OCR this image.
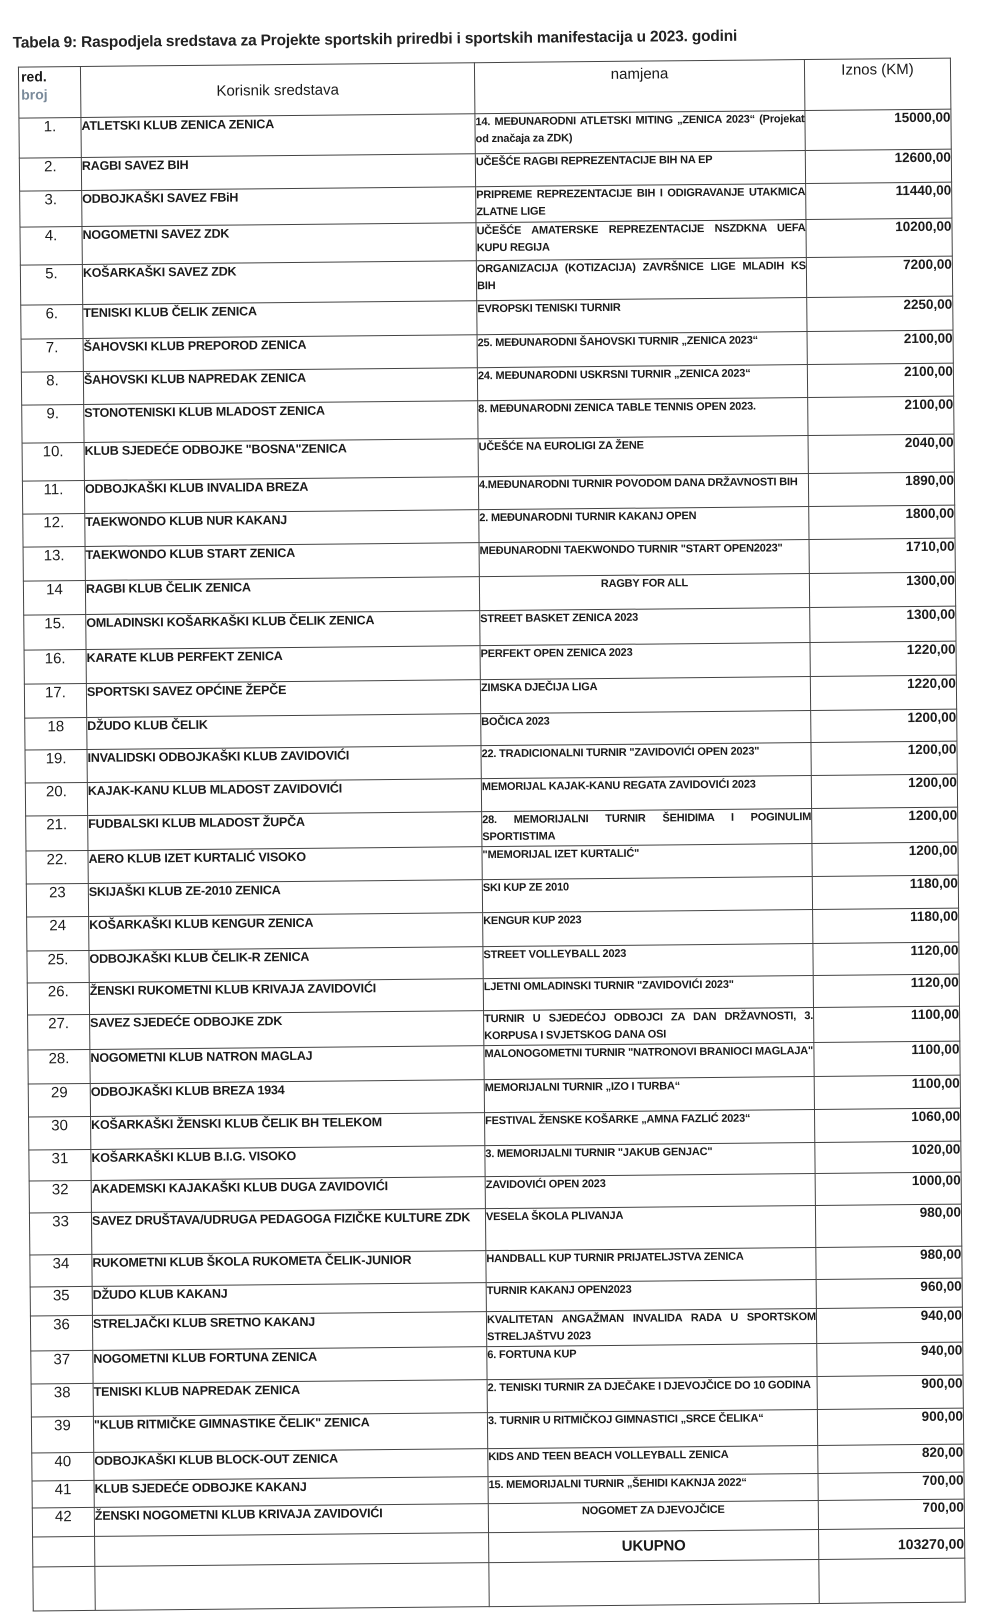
Tabela 9: Raspodjela sredstava za Projekte sportskih priredbi i sportskih manifestacija u 2023. godini
red.
broj	Korisnik sredstava	namjena	Iznos (KM)
1.	ATLETSKI KLUB ZENICA ZENICA	14. MEĐUNARODNI ATLETSKI MITING „ZENICA 2023“ (Projekat od značaja za ZDK)	15000,00
2.	RAGBI SAVEZ BIH	UČEŠĆE RAGBI REPREZENTACIJE BIH NA EP	12600,00
3.	ODBOJKAŠKI SAVEZ FBiH	PRIPREME REPREZENTACIJE BIH I ODIGRAVANJE UTAKMICA ZLATNE LIGE	11440,00
4.	NOGOMETNI SAVEZ ZDK	UČEŠĆE AMATERSKE REPREZENTACIJE NSZDKNA UEFA KUPU REGIJA	10200,00
5.	KOŠARKAŠKI SAVEZ ZDK	ORGANIZACIJA (KOTIZACIJA) ZAVRŠNICE LIGE MLADIH KS BIH	7200,00
6.	TENISKI KLUB ČELIK ZENICA	EVROPSKI TENISKI TURNIR	2250,00
7.	ŠAHOVSKI KLUB PREPOROD ZENICA	25. MEĐUNARODNI ŠAHOVSKI TURNIR „ZENICA 2023“	2100,00
8.	ŠAHOVSKI KLUB NAPREDAK ZENICA	24. MEĐUNARODNI USKRSNI TURNIR „ZENICA 2023“	2100,00
9.	STONOTENISKI KLUB MLADOST ZENICA	8. MEĐUNARODNI ZENICA TABLE TENNIS OPEN 2023.	2100,00
10.	KLUB SJEDEĆE ODBOJKE "BOSNA"ZENICA	UČEŠĆE NA EUROLIGI ZA ŽENE	2040,00
11.	ODBOJKAŠKI KLUB INVALIDA BREZA	4.MEĐUNARODNI TURNIR POVODOM DANA DRŽAVNOSTI BIH	1890,00
12.	TAEKWONDO KLUB NUR KAKANJ	2. MEĐUNARODNI TURNIR KAKANJ OPEN	1800,00
13.	TAEKWONDO KLUB START ZENICA	MEĐUNARODNI TAEKWONDO TURNIR "START OPEN2023"	1710,00
14	RAGBI KLUB ČELIK ZENICA	RAGBY FOR ALL	1300,00
15.	OMLADINSKI KOŠARKAŠKI KLUB ČELIK ZENICA	STREET BASKET ZENICA 2023	1300,00
16.	KARATE KLUB PERFEKT ZENICA	PERFEKT OPEN ZENICA 2023	1220,00
17.	SPORTSKI SAVEZ OPĆINE ŽEPČE	ZIMSKA DJEČIJA LIGA	1220,00
18	DŽUDO KLUB ČELIK	BOČICA 2023	1200,00
19.	INVALIDSKI ODBOJKAŠKI KLUB ZAVIDOVIĆI	22. TRADICIONALNI TURNIR "ZAVIDOVIĆI OPEN 2023"	1200,00
20.	KAJAK-KANU KLUB MLADOST ZAVIDOVIĆI	MEMORIJAL KAJAK-KANU REGATA ZAVIDOVIĆI 2023	1200,00
21.	FUDBALSKI KLUB MLADOST ŽUPČA	28. MEMORIJALNI TURNIR ŠEHIDIMA I POGINULIM SPORTISTIMA	1200,00
22.	AERO KLUB IZET KURTALIĆ VISOKO	"MEMORIJAL IZET KURTALIĆ"	1200,00
23	SKIJAŠKI KLUB ZE-2010 ZENICA	SKI KUP ZE 2010	1180,00
24	KOŠARKAŠKI KLUB KENGUR ZENICA	KENGUR KUP 2023	1180,00
25.	ODBOJKAŠKI KLUB ČELIK-R ZENICA	STREET VOLLEYBALL 2023	1120,00
26.	ŽENSKI RUKOMETNI KLUB KRIVAJA ZAVIDOVIĆI	LJETNI OMLADINSKI TURNIR "ZAVIDOVIĆI 2023"	1120,00
27.	SAVEZ SJEDEĆE ODBOJKE ZDK	TURNIR U SJEDEĆOJ ODBOJCI ZA DAN DRŽAVNOSTI, 3. KORPUSA I SVJETSKOG DANA OSI	1100,00
28.	NOGOMETNI KLUB NATRON MAGLAJ	MALONOGOMETNI TURNIR "NATRONOVI BRANIOCI MAGLAJA"	1100,00
29	ODBOJKAŠKI KLUB BREZA 1934	MEMORIJALNI TURNIR „IZO I TURBA“	1100,00
30	KOŠARKAŠKI ŽENSKI KLUB ČELIK BH TELEKOM	FESTIVAL ŽENSKE KOŠARKE „AMNA FAZLIĆ 2023“	1060,00
31	KOŠARKAŠKI KLUB B.I.G. VISOKO	3. MEMORIJALNI TURNIR "JAKUB GENJAC"	1020,00
32	AKADEMSKI KAJAKAŠKI KLUB DUGA ZAVIDOVIĆI	ZAVIDOVIĆI OPEN 2023	1000,00
33	SAVEZ DRUŠTAVA/UDRUGA PEDAGOGA FIZIČKE KULTURE ZDK	VESELA ŠKOLA PLIVANJA	980,00
34	RUKOMETNI KLUB ŠKOLA RUKOMETA ČELIK-JUNIOR	HANDBALL KUP TURNIR PRIJATELJSTVA ZENICA	980,00
35	DŽUDO KLUB KAKANJ	TURNIR KAKANJ OPEN2023	960,00
36	STRELJAČKI KLUB SRETNO KAKANJ	KVALITETAN ANGAŽMAN INVALIDA RADA U SPORTSKOM STRELJAŠTVU 2023	940,00
37	NOGOMETNI KLUB FORTUNA ZENICA	6. FORTUNA KUP	940,00
38	TENISKI KLUB NAPREDAK ZENICA	2. TENISKI TURNIR ZA DJEČAKE I DJEVOJČICE DO 10 GODINA	900,00
39	"KLUB RITMIČKE GIMNASTIKE ČELIK" ZENICA	3. TURNIR U RITMIČKOJ GIMNASTICI „SRCE ČELIKA“	900,00
40	ODBOJKAŠKI KLUB BLOCK-OUT ZENICA	KIDS AND TEEN BEACH VOLLEYBALL ZENICA	820,00
41	KLUB SJEDEĆE ODBOJKE KAKANJ	15. MEMORIJALNI TURNIR „ŠEHIDI KAKNJA 2022“	700,00
42	ŽENSKI NOGOMETNI KLUB KRIVAJA ZAVIDOVIĆI	NOGOMET ZA DJEVOJČICE	700,00
		UKUPNO	103270,00
